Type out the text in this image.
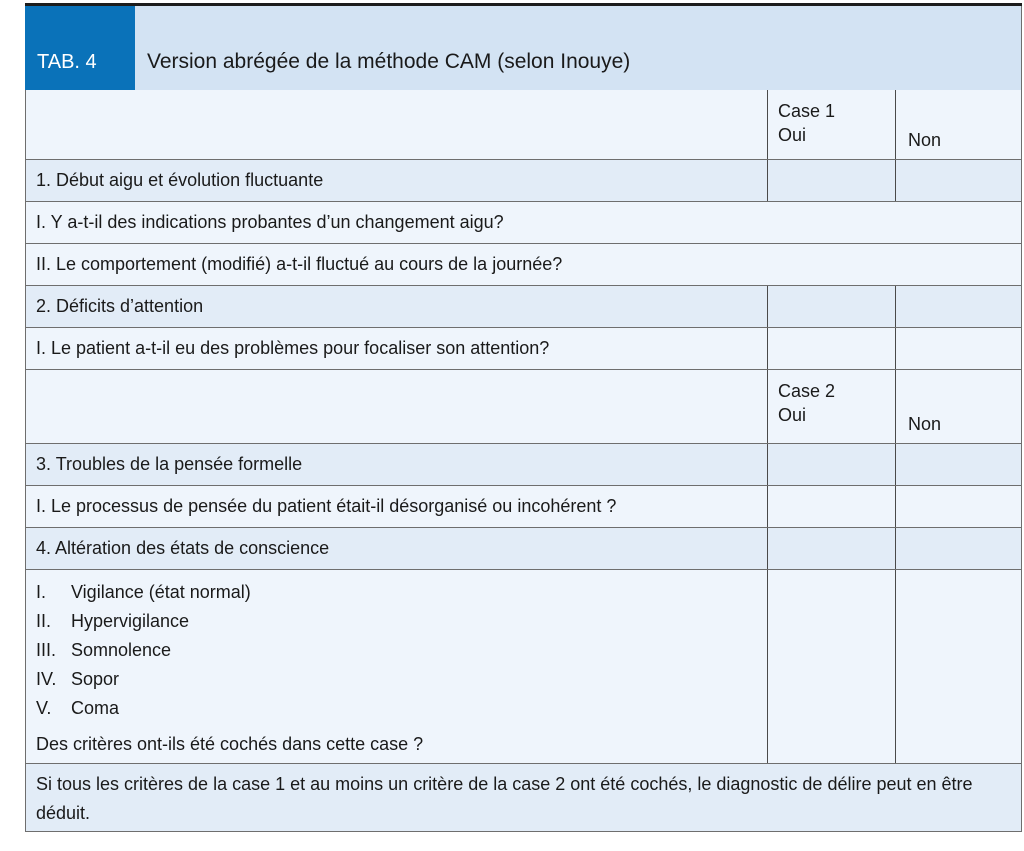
TAB. 4	Version abrégée de la méthode CAM (selon Inouye)
Case 1
Oui	Non
1. Début aigu et évolution fluctuante
I. Y a-t-il des indications probantes d’un changement aigu?
II. Le comportement (modifié) a-t-il fluctué au cours de la journée?
2. Déficits d’attention
I. Le patient a-t-il eu des problèmes pour focaliser son attention?
Case 2
Oui	Non
3. Troubles de la pensée formelle
I. Le processus de pensée du patient était-il désorganisé ou incohérent ?
4. Altération des états de conscience
I.	Vigilance (état normal)
II.	Hypervigilance
III. Somnolence
IV. Sopor
V.	Coma
Des critères ont-ils été cochés dans cette case ?
Si tous les critères de la case 1 et au moins un critère de la case 2 ont été cochés, le diagnostic de délire peut en être déduit.
